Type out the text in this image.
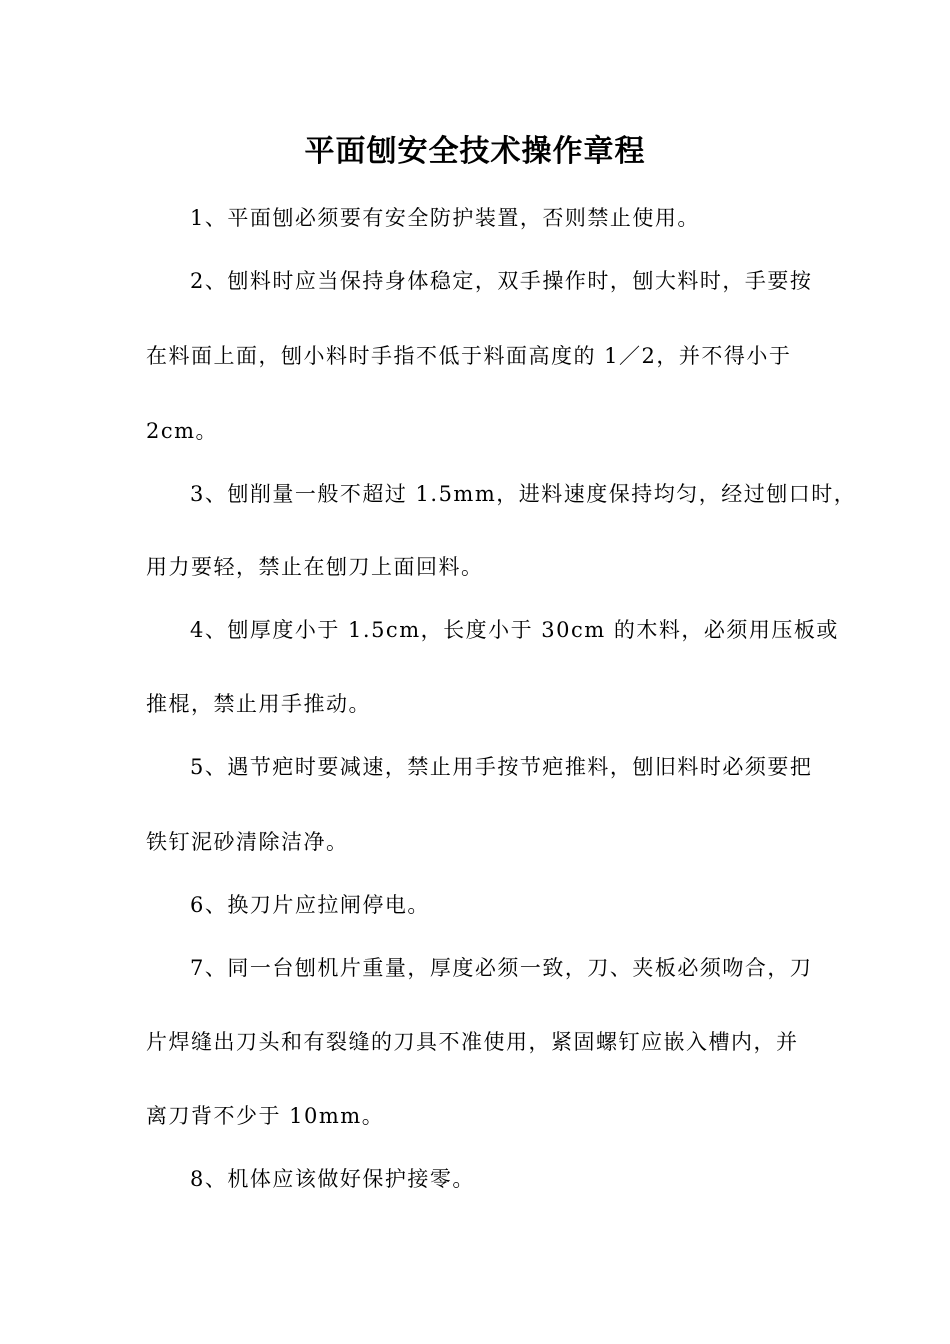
平面刨安全技术操作章程
1、平面刨必须要有安全防护装置，否则禁止使用。
2、刨料时应当保持身体稳定，双手操作时，刨大料时，手要按
在料面上面，刨小料时手指不低于料面高度的 1／2，并不得小于
2cm。
3、刨削量一般不超过 1.5mm，进料速度保持均匀，经过刨口时，
用力要轻，禁止在刨刀上面回料。
4、刨厚度小于 1.5cm，长度小于 30cm 的木料，必须用压板或
推棍，禁止用手推动。
5、遇节疤时要减速，禁止用手按节疤推料，刨旧料时必须要把
铁钉泥砂清除洁净。
6、换刀片应拉闸停电。
7、同一台刨机片重量，厚度必须一致，刀、夹板必须吻合，刀
片焊缝出刀头和有裂缝的刀具不准使用，紧固螺钉应嵌入槽内，并
离刀背不少于 10mm。
8、机体应该做好保护接零。
